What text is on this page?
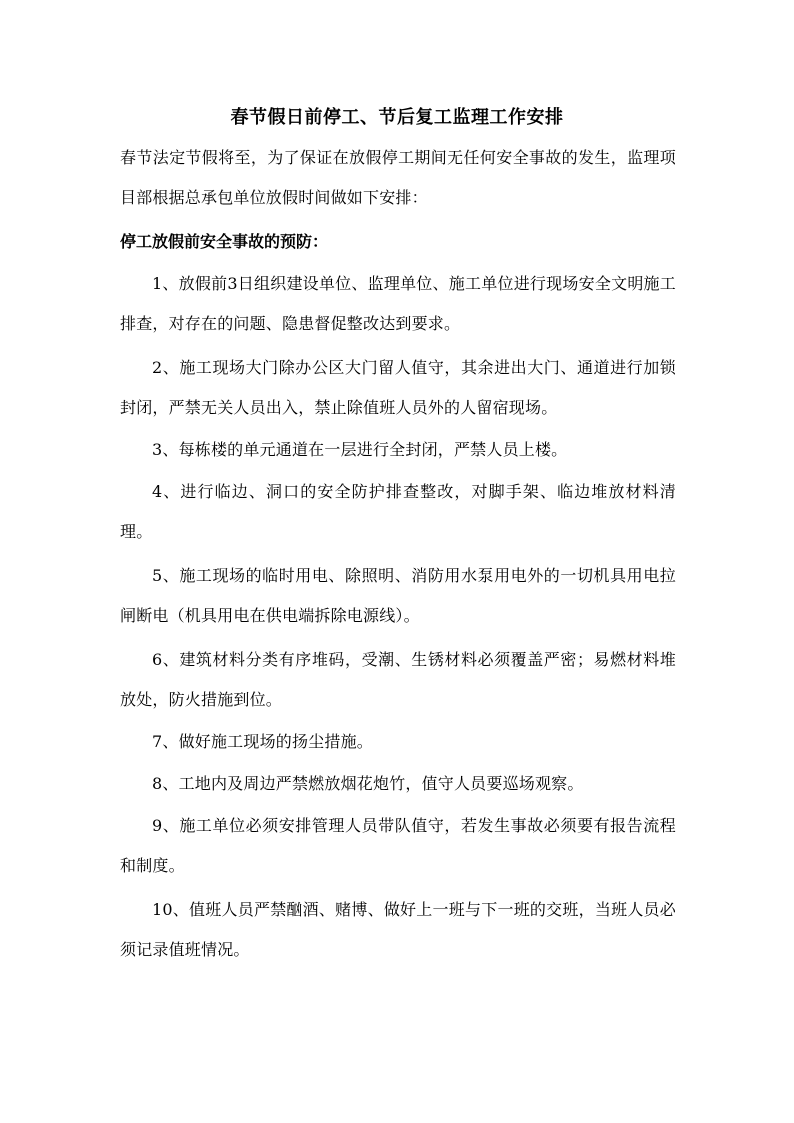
春节假日前停工、节后复工监理工作安排
春节法定节假将至，为了保证在放假停工期间无任何安全事故的发生，监理项目部根据总承包单位放假时间做如下安排：
停工放假前安全事故的预防：
1、放假前3日组织建设单位、监理单位、施工单位进行现场安全文明施工排查，对存在的问题、隐患督促整改达到要求。
2、施工现场大门除办公区大门留人值守，其余进出大门、通道进行加锁封闭，严禁无关人员出入，禁止除值班人员外的人留宿现场。
3、每栋楼的单元通道在一层进行全封闭，严禁人员上楼。
4、进行临边、洞口的安全防护排查整改，对脚手架、临边堆放材料清理。
5、施工现场的临时用电、除照明、消防用水泵用电外的一切机具用电拉闸断电（机具用电在供电端拆除电源线）。
6、建筑材料分类有序堆码，受潮、生锈材料必须覆盖严密；易燃材料堆放处，防火措施到位。
7、做好施工现场的扬尘措施。
8、工地内及周边严禁燃放烟花炮竹，值守人员要巡场观察。
9、施工单位必须安排管理人员带队值守，若发生事故必须要有报告流程和制度。
10、值班人员严禁酗酒、赌博、做好上一班与下一班的交班，当班人员必须记录值班情况。
